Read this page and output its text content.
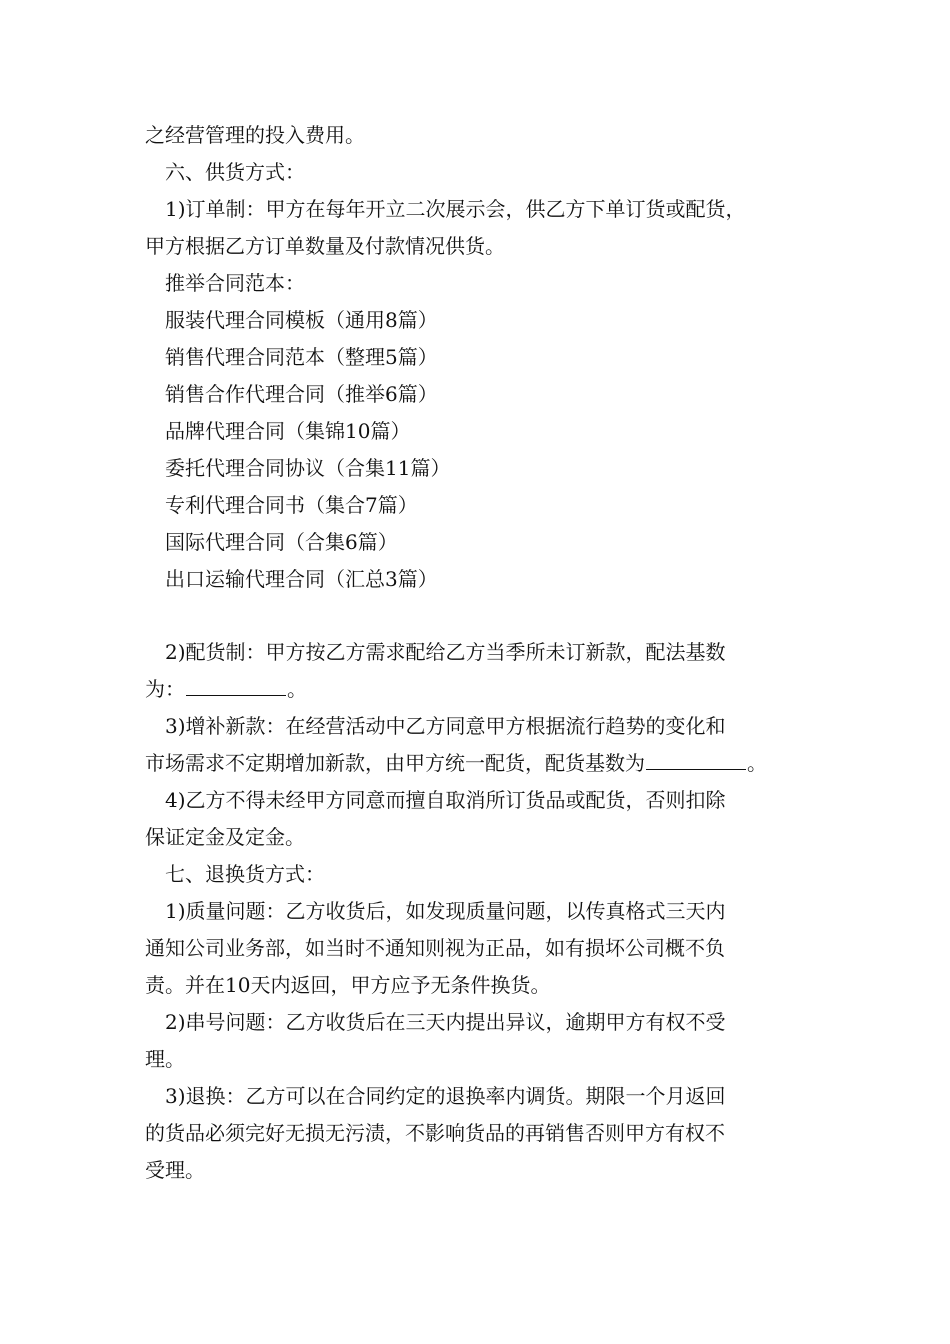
之经营管理的投入费用。
六、供货方式：
1)订单制：甲方在每年开立二次展示会，供乙方下单订货或配货，
甲方根据乙方订单数量及付款情况供货。
推举合同范本：
服装代理合同模板（通用8篇）
销售代理合同范本（整理5篇）
销售合作代理合同（推举6篇）
品牌代理合同（集锦10篇）
委托代理合同协议（合集11篇）
专利代理合同书（集合7篇）
国际代理合同（合集6篇）
出口运输代理合同（汇总3篇）
2)配货制：甲方按乙方需求配给乙方当季所未订新款，配法基数
为：	。
3)增补新款：在经营活动中乙方同意甲方根据流行趋势的变化和
市场需求不定期增加新款，由甲方统一配货，配货基数为	。
4)乙方不得未经甲方同意而擅自取消所订货品或配货，否则扣除
保证定金及定金。
七、退换货方式：
1)质量问题：乙方收货后，如发现质量问题，以传真格式三天内
通知公司业务部，如当时不通知则视为正品，如有损坏公司概不负
责。并在10天内返回，甲方应予无条件换货。
2)串号问题：乙方收货后在三天内提出异议，逾期甲方有权不受
理。
3)退换：乙方可以在合同约定的退换率内调货。期限一个月返回
的货品必须完好无损无污渍，不影响货品的再销售否则甲方有权不
受理。
